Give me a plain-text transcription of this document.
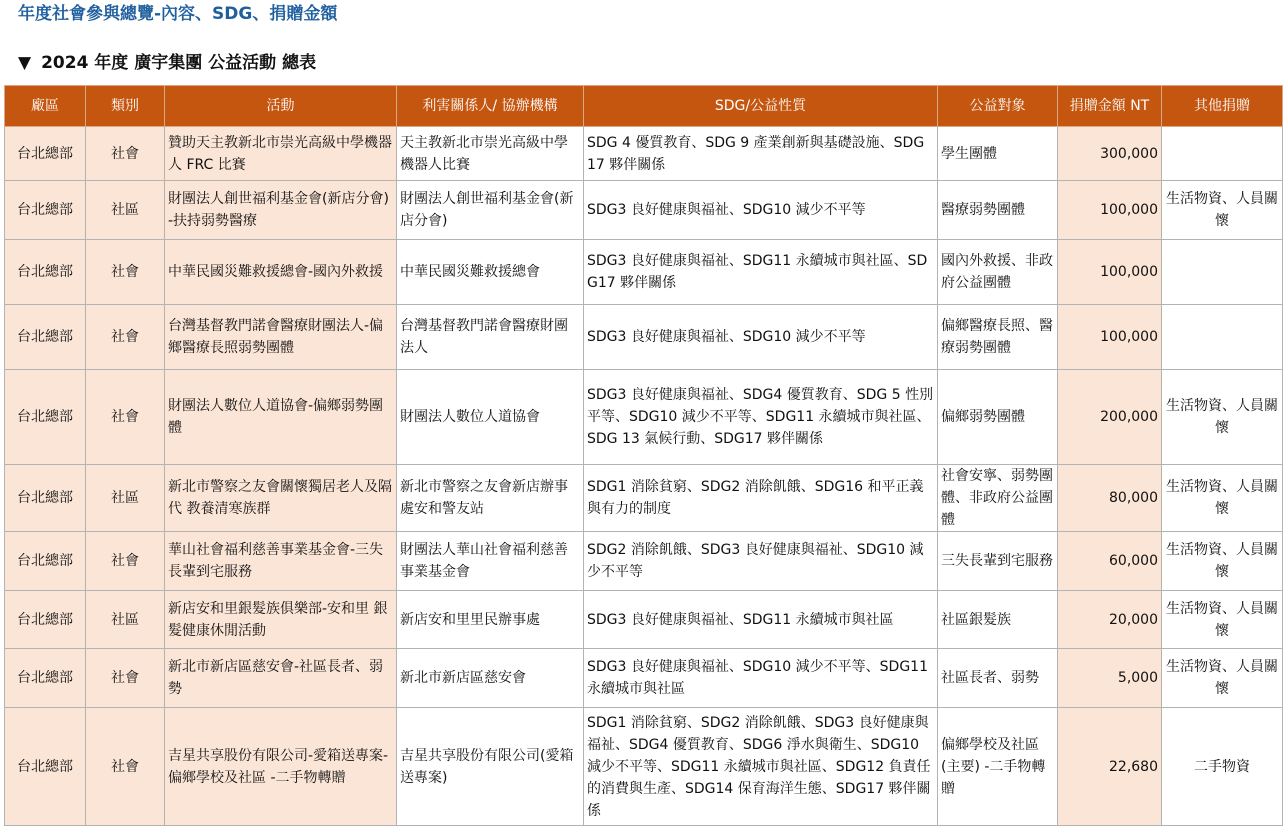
年度社會參與總覽-內容、SDG、捐贈金額
▼ 2024 年度 廣宇集團 公益活動 總表
廠區	類別	活動	利害關係人/ 協辦機構	SDG/公益性質	公益對象	捐贈金額 NT	其他捐贈
台北總部	社會	贊助天主教新北市崇光高級中學機器人 FRC 比賽	天主教新北市崇光高級中學機器人比賽	SDG 4 優質教育、SDG 9 產業創新與基礎設施、SDG 17 夥伴關係	學生團體	300,000	
台北總部	社區	財團法人創世福利基金會(新店分會)-扶持弱勢醫療	財團法人創世福利基金會(新店分會)	SDG3 良好健康與福祉、SDG10 減少不平等	醫療弱勢團體	100,000	生活物資、人員關懷
台北總部	社會	中華民國災難救援總會-國內外救援	中華民國災難救援總會	SDG3 良好健康與福祉、SDG11 永續城市與社區、SDG17 夥伴關係	國內外救援、非政府公益團體	100,000	
台北總部	社會	台灣基督教門諾會醫療財團法人-偏鄉醫療長照弱勢團體	台灣基督教門諾會醫療財團法人	SDG3 良好健康與福祉、SDG10 減少不平等	偏鄉醫療長照、醫療弱勢團體	100,000	
台北總部	社會	財團法人數位人道協會-偏鄉弱勢團體	財團法人數位人道協會	SDG3 良好健康與福祉、SDG4 優質教育、SDG 5 性別平等、SDG10 減少不平等、SDG11 永續城市與社區、SDG 13 氣候行動、SDG17 夥伴關係	偏鄉弱勢團體	200,000	生活物資、人員關懷
台北總部	社區	新北市警察之友會關懷獨居老人及隔代 教養清寒族群	新北市警察之友會新店辦事處安和警友站	SDG1 消除貧窮、SDG2 消除飢餓、SDG16 和平正義與有力的制度	社會安寧、弱勢團體、非政府公益團體	80,000	生活物資、人員關懷
台北總部	社會	華山社會福利慈善事業基金會-三失長輩到宅服務	財團法人華山社會福利慈善事業基金會	SDG2 消除飢餓、SDG3 良好健康與福祉、SDG10 減少不平等	三失長輩到宅服務	60,000	生活物資、人員關懷
台北總部	社區	新店安和里銀髮族俱樂部-安和里 銀髮健康休閒活動	新店安和里里民辦事處	SDG3 良好健康與福祉、SDG11 永續城市與社區	社區銀髮族	20,000	生活物資、人員關懷
台北總部	社會	新北市新店區慈安會-社區長者、弱勢	新北市新店區慈安會	SDG3 良好健康與福祉、SDG10 減少不平等、SDG11 永續城市與社區	社區長者、弱勢	5,000	生活物資、人員關懷
台北總部	社會	吉星共享股份有限公司-愛箱送專案-偏鄉學校及社區 -二手物轉贈	吉星共享股份有限公司(愛箱送專案)	SDG1 消除貧窮、SDG2 消除飢餓、SDG3 良好健康與福祉、SDG4 優質教育、SDG6 淨水與衛生、SDG10 減少不平等、SDG11 永續城市與社區、SDG12 負責任的消費與生產、SDG14 保育海洋生態、SDG17 夥伴關係	偏鄉學校及社區 (主要) -二手物轉贈	22,680	二手物資
